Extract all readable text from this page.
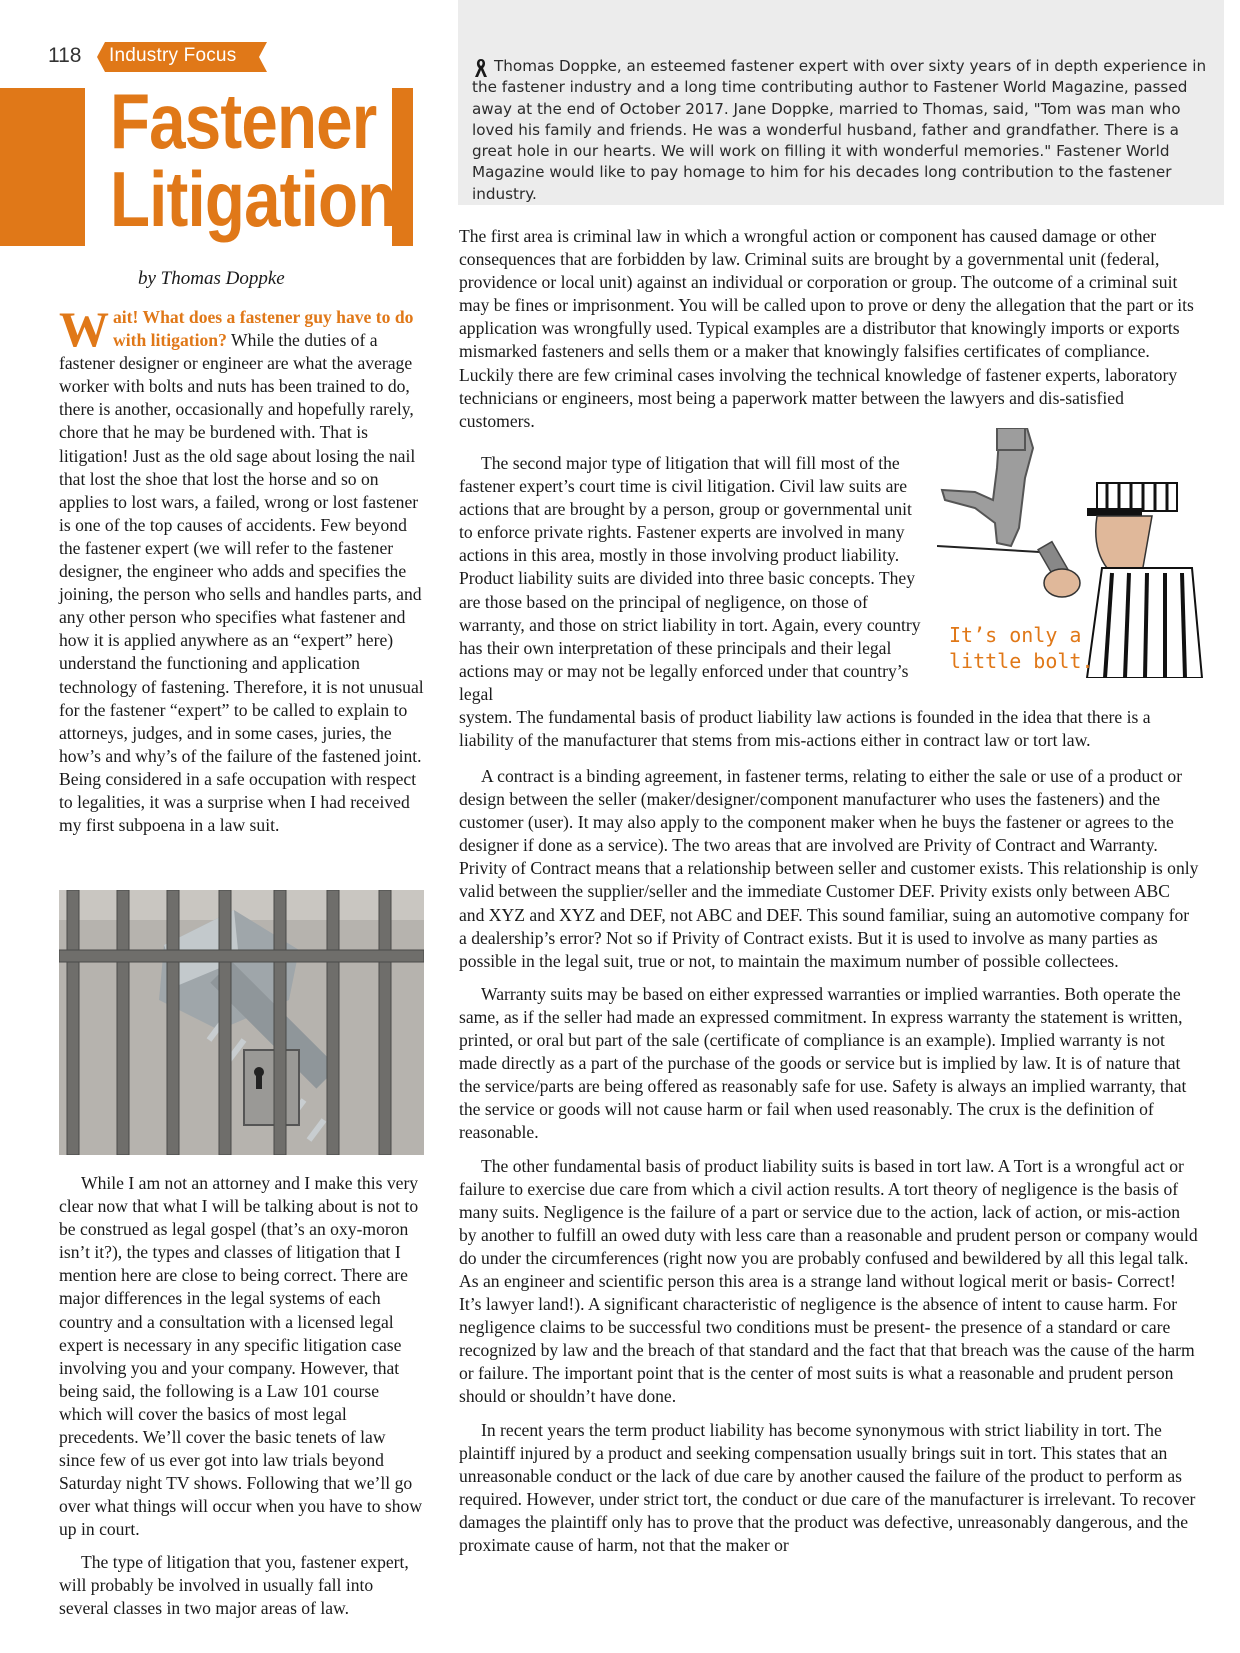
118 Industry Focus
Fastener
Litigation
by Thomas Doppke

Thomas Doppke, an esteemed fastener expert with over sixty years of in depth experience in the fastener industry and a long time contributing author to Fastener World Magazine, passed away at the end of October 2017. Jane Doppke, married to Thomas, said, "Tom was man who loved his family and friends. He was a wonderful husband, father and grandfather. There is a great hole in our hearts. We will work on filling it with wonderful memories." Fastener World Magazine would like to pay homage to him for his decades long contribution to the fastener industry.

W ait! What does a fastener guy have to do with litigation? While the duties of a fastener designer or engineer are what the average worker with bolts and nuts has been trained to do, there is another, occasionally and hopefully rarely, chore that he may be burdened with. That is litigation! Just as the old sage about losing the nail that lost the shoe that lost the horse and so on applies to lost wars, a failed, wrong or lost fastener is one of the top causes of accidents. Few beyond the fastener expert (we will refer to the fastener designer, the engineer who adds and specifies the joining, the person who sells and handles parts, and any other person who specifies what fastener and how it is applied anywhere as an “expert” here) understand the functioning and application technology of fastening. Therefore, it is not unusual for the fastener “expert” to be called to explain to attorneys, judges, and in some cases, juries, the how’s and why’s of the failure of the fastened joint. Being considered in a safe occupation with respect to legalities, it was a surprise when I had received my first subpoena in a law suit.

While I am not an attorney and I make this very clear now that what I will be talking about is not to be construed as legal gospel (that’s an oxy-moron isn’t it?), the types and classes of litigation that I mention here are close to being correct. There are major differences in the legal systems of each country and a consultation with a licensed legal expert is necessary in any specific litigation case involving you and your company. However, that being said, the following is a Law 101 course which will cover the basics of most legal precedents. We’ll cover the basic tenets of law since few of us ever got into law trials beyond Saturday night TV shows. Following that we’ll go over what things will occur when you have to show up in court.

The type of litigation that you, fastener expert, will probably be involved in usually fall into several classes in two major areas of law.

The first area is criminal law in which a wrongful action or component has caused damage or other consequences that are forbidden by law. Criminal suits are brought by a governmental unit (federal, providence or local unit) against an individual or corporation or group. The outcome of a criminal suit may be fines or imprisonment. You will be called upon to prove or deny the allegation that the part or its application was wrongfully used. Typical examples are a distributor that knowingly imports or exports mismarked fasteners and sells them or a maker that knowingly falsifies certificates of compliance. Luckily there are few criminal cases involving the technical knowledge of fastener experts, laboratory technicians or engineers, most being a paperwork matter between the lawyers and dis-satisfied customers.

The second major type of litigation that will fill most of the fastener expert’s court time is civil litigation. Civil law suits are actions that are brought by a person, group or governmental unit to enforce private rights. Fastener experts are involved in many actions in this area, mostly in those involving product liability. Product liability suits are divided into three basic concepts. They are those based on the principal of negligence, on those of warranty, and those on strict liability in tort. Again, every country has their own interpretation of these principals and their legal actions may or may not be legally enforced under that country’s legal

It’s only a
little bolt.

system. The fundamental basis of product liability law actions is founded in the idea that there is a liability of the manufacturer that stems from mis-actions either in contract law or tort law.

A contract is a binding agreement, in fastener terms, relating to either the sale or use of a product or design between the seller (maker/designer/component manufacturer who uses the fasteners) and the customer (user). It may also apply to the component maker when he buys the fastener or agrees to the designer if done as a service). The two areas that are involved are Privity of Contract and Warranty. Privity of Contract means that a relationship between seller and customer exists. This relationship is only valid between the supplier/seller and the immediate Customer DEF. Privity exists only between ABC and XYZ and XYZ and DEF, not ABC and DEF. This sound familiar, suing an automotive company for a dealership’s error? Not so if Privity of Contract exists. But it is used to involve as many parties as possible in the legal suit, true or not, to maintain the maximum number of possible collectees.

Warranty suits may be based on either expressed warranties or implied warranties. Both operate the same, as if the seller had made an expressed commitment. In express warranty the statement is written, printed, or oral but part of the sale (certificate of compliance is an example). Implied warranty is not made directly as a part of the purchase of the goods or service but is implied by law. It is of nature that the service/parts are being offered as reasonably safe for use. Safety is always an implied warranty, that the service or goods will not cause harm or fail when used reasonably. The crux is the definition of reasonable.

The other fundamental basis of product liability suits is based in tort law. A Tort is a wrongful act or failure to exercise due care from which a civil action results. A tort theory of negligence is the basis of many suits. Negligence is the failure of a part or service due to the action, lack of action, or mis-action by another to fulfill an owed duty with less care than a reasonable and prudent person or company would do under the circumferences (right now you are probably confused and bewildered by all this legal talk. As an engineer and scientific person this area is a strange land without logical merit or basis- Correct! It’s lawyer land!). A significant characteristic of negligence is the absence of intent to cause harm. For negligence claims to be successful two conditions must be present- the presence of a standard or care recognized by law and the breach of that standard and the fact that that breach was the cause of the harm or failure. The important point that is the center of most suits is what a reasonable and prudent person should or shouldn’t have done.

In recent years the term product liability has become synonymous with strict liability in tort. The plaintiff injured by a product and seeking compensation usually brings suit in tort. This states that an unreasonable conduct or the lack of due care by another caused the failure of the product to perform as required. However, under strict tort, the conduct or due care of the manufacturer is irrelevant. To recover damages the plaintiff only has to prove that the product was defective, unreasonably dangerous, and the proximate cause of harm, not that the maker or
